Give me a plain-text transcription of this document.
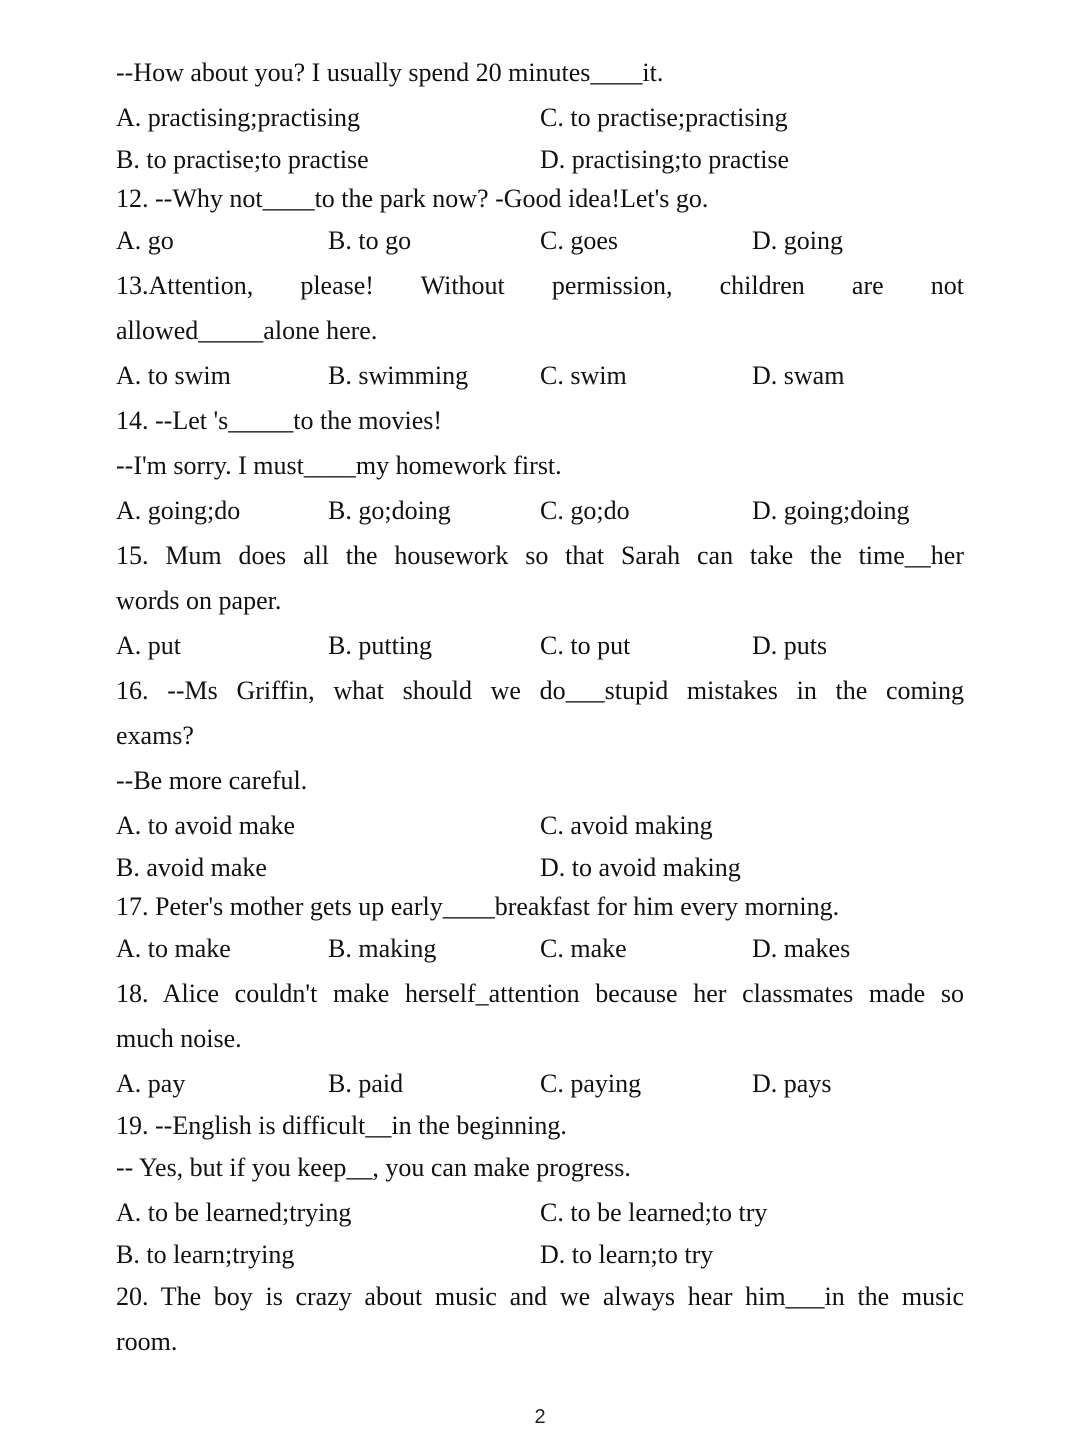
--How about you? I usually spend 20 minutes____it.
A. practising;practising	C. to practise;practising
B. to practise;to practise	D. practising;to practise
12. --Why not____to the park now? -Good idea!Let's go.
A. go	B. to go	C. goes	D. going
13.Attention, please! Without permission, children are not
allowed_____alone here.
A. to swim	B. swimming	C. swim	D. swam
14. --Let 's_____to the movies!
--I'm sorry. I must____my homework first.
A. going;do	B. go;doing	C. go;do	D. going;doing
15. Mum does all the housework so that Sarah can take the time__her
words on paper.
A. put	B. putting	C. to put	D. puts
16. --Ms Griffin, what should we do___stupid mistakes in the coming
exams?
--Be more careful.
A. to avoid make	C. avoid making
B. avoid make	D. to avoid making
17. Peter's mother gets up early____breakfast for him every morning.
A. to make	B. making	C. make	D. makes
18. Alice couldn't make herself_attention because her classmates made so
much noise.
A. pay	B. paid	C. paying	D. pays
19. --English is difficult__in the beginning.
-- Yes, but if you keep__, you can make progress.
A. to be learned;trying	C. to be learned;to try
B. to learn;trying	D. to learn;to try
20. The boy is crazy about music and we always hear him___in the music
room.
2
